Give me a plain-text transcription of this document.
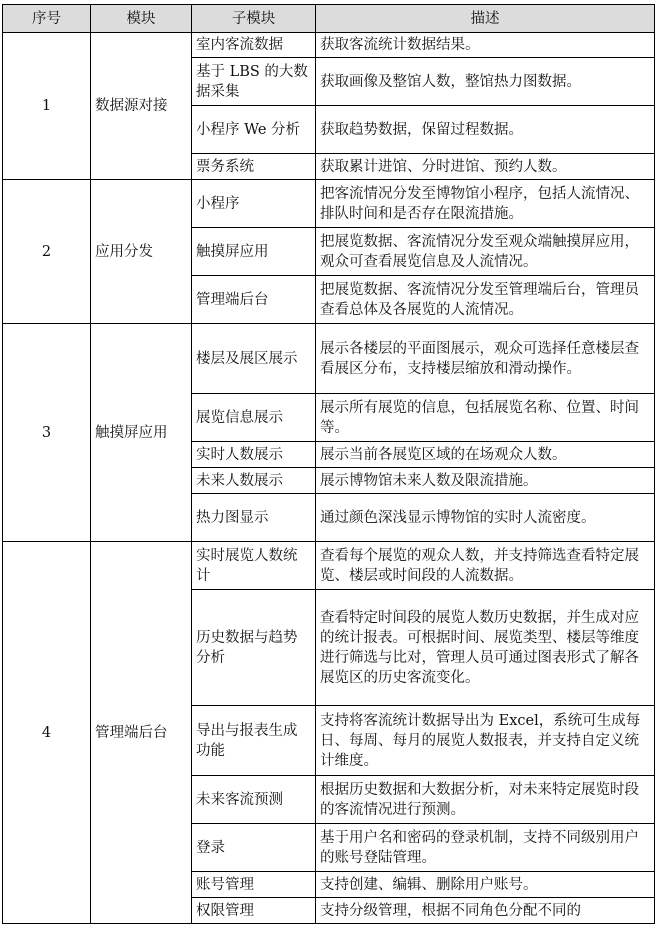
序号	模块	子模块	描述
1	数据源对接	室内客流数据	获取客流统计数据结果。
		基于 LBS 的大数据采集	获取画像及整馆人数，整馆热力图数据。
		小程序 We 分析	获取趋势数据，保留过程数据。
		票务系统	获取累计进馆、分时进馆、预约人数。
2	应用分发	小程序	把客流情况分发至博物馆小程序，包括人流情况、排队时间和是否存在限流措施。
		触摸屏应用	把展览数据、客流情况分发至观众端触摸屏应用，观众可查看展览信息及人流情况。
		管理端后台	把展览数据、客流情况分发至管理端后台，管理员查看总体及各展览的人流情况。
3	触摸屏应用	楼层及展区展示	展示各楼层的平面图展示，观众可选择任意楼层查看展区分布，支持楼层缩放和滑动操作。
		展览信息展示	展示所有展览的信息，包括展览名称、位置、时间等。
		实时人数展示	展示当前各展览区域的在场观众人数。
		未来人数展示	展示博物馆未来人数及限流措施。
		热力图显示	通过颜色深浅显示博物馆的实时人流密度。
4	管理端后台	实时展览人数统计	查看每个展览的观众人数，并支持筛选查看特定展览、楼层或时间段的人流数据。
		历史数据与趋势分析	查看特定时间段的展览人数历史数据，并生成对应的统计报表。可根据时间、展览类型、楼层等维度进行筛选与比对，管理人员可通过图表形式了解各展览区的历史客流变化。
		导出与报表生成功能	支持将客流统计数据导出为 Excel，系统可生成每日、每周、每月的展览人数报表，并支持自定义统计维度。
		未来客流预测	根据历史数据和大数据分析，对未来特定展览时段的客流情况进行预测。
		登录	基于用户名和密码的登录机制，支持不同级别用户的账号登陆管理。
		账号管理	支持创建、编辑、删除用户账号。
		权限管理	支持分级管理，根据不同角色分配不同的
